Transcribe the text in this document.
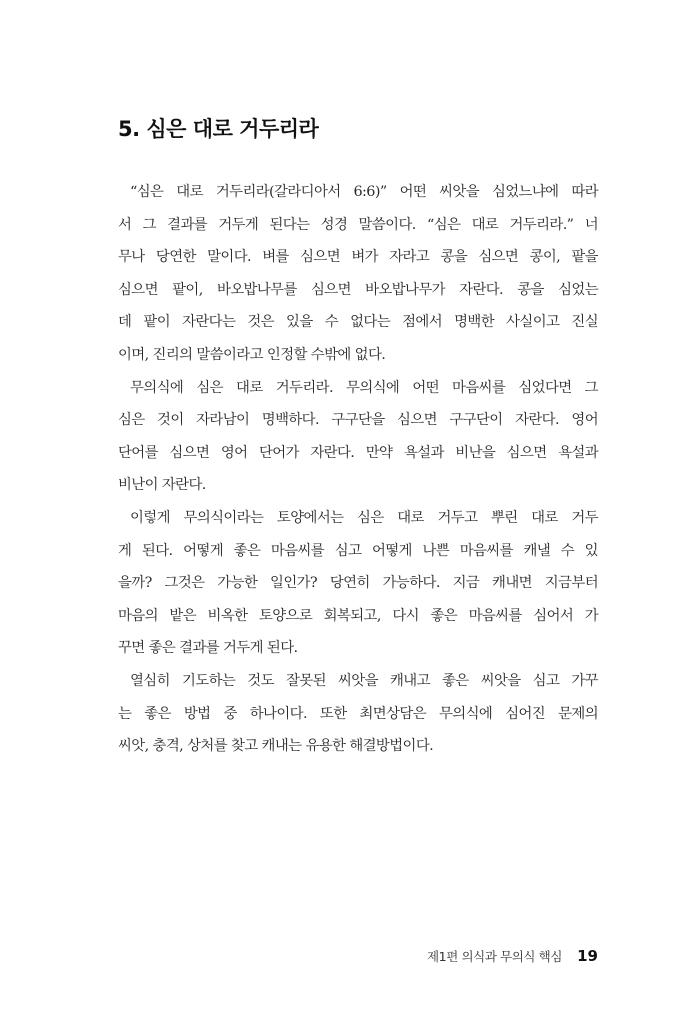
5. 심은 대로 거두리라
“심은 대로 거두리라(갈라디아서 6:6)” 어떤 씨앗을 심었느냐에 따라
서 그 결과를 거두게 된다는 성경 말씀이다. “심은 대로 거두리라.” 너
무나 당연한 말이다. 벼를 심으면 벼가 자라고 콩을 심으면 콩이, 팥을
심으면 팥이, 바오밥나무를 심으면 바오밥나무가 자란다. 콩을 심었는
데 팥이 자란다는 것은 있을 수 없다는 점에서 명백한 사실이고 진실
이며, 진리의 말씀이라고 인정할 수밖에 없다.
무의식에 심은 대로 거두리라. 무의식에 어떤 마음씨를 심었다면 그
심은 것이 자라남이 명백하다. 구구단을 심으면 구구단이 자란다. 영어
단어를 심으면 영어 단어가 자란다. 만약 욕설과 비난을 심으면 욕설과
비난이 자란다.
이렇게 무의식이라는 토양에서는 심은 대로 거두고 뿌린 대로 거두
게 된다. 어떻게 좋은 마음씨를 심고 어떻게 나쁜 마음씨를 캐낼 수 있
을까? 그것은 가능한 일인가? 당연히 가능하다. 지금 캐내면 지금부터
마음의 밭은 비옥한 토양으로 회복되고, 다시 좋은 마음씨를 심어서 가
꾸면 좋은 결과를 거두게 된다.
열심히 기도하는 것도 잘못된 씨앗을 캐내고 좋은 씨앗을 심고 가꾸
는 좋은 방법 중 하나이다. 또한 최면상담은 무의식에 심어진 문제의
씨앗, 충격, 상처를 찾고 캐내는 유용한 해결방법이다.
제1편 의식과 무의식 핵심 19
